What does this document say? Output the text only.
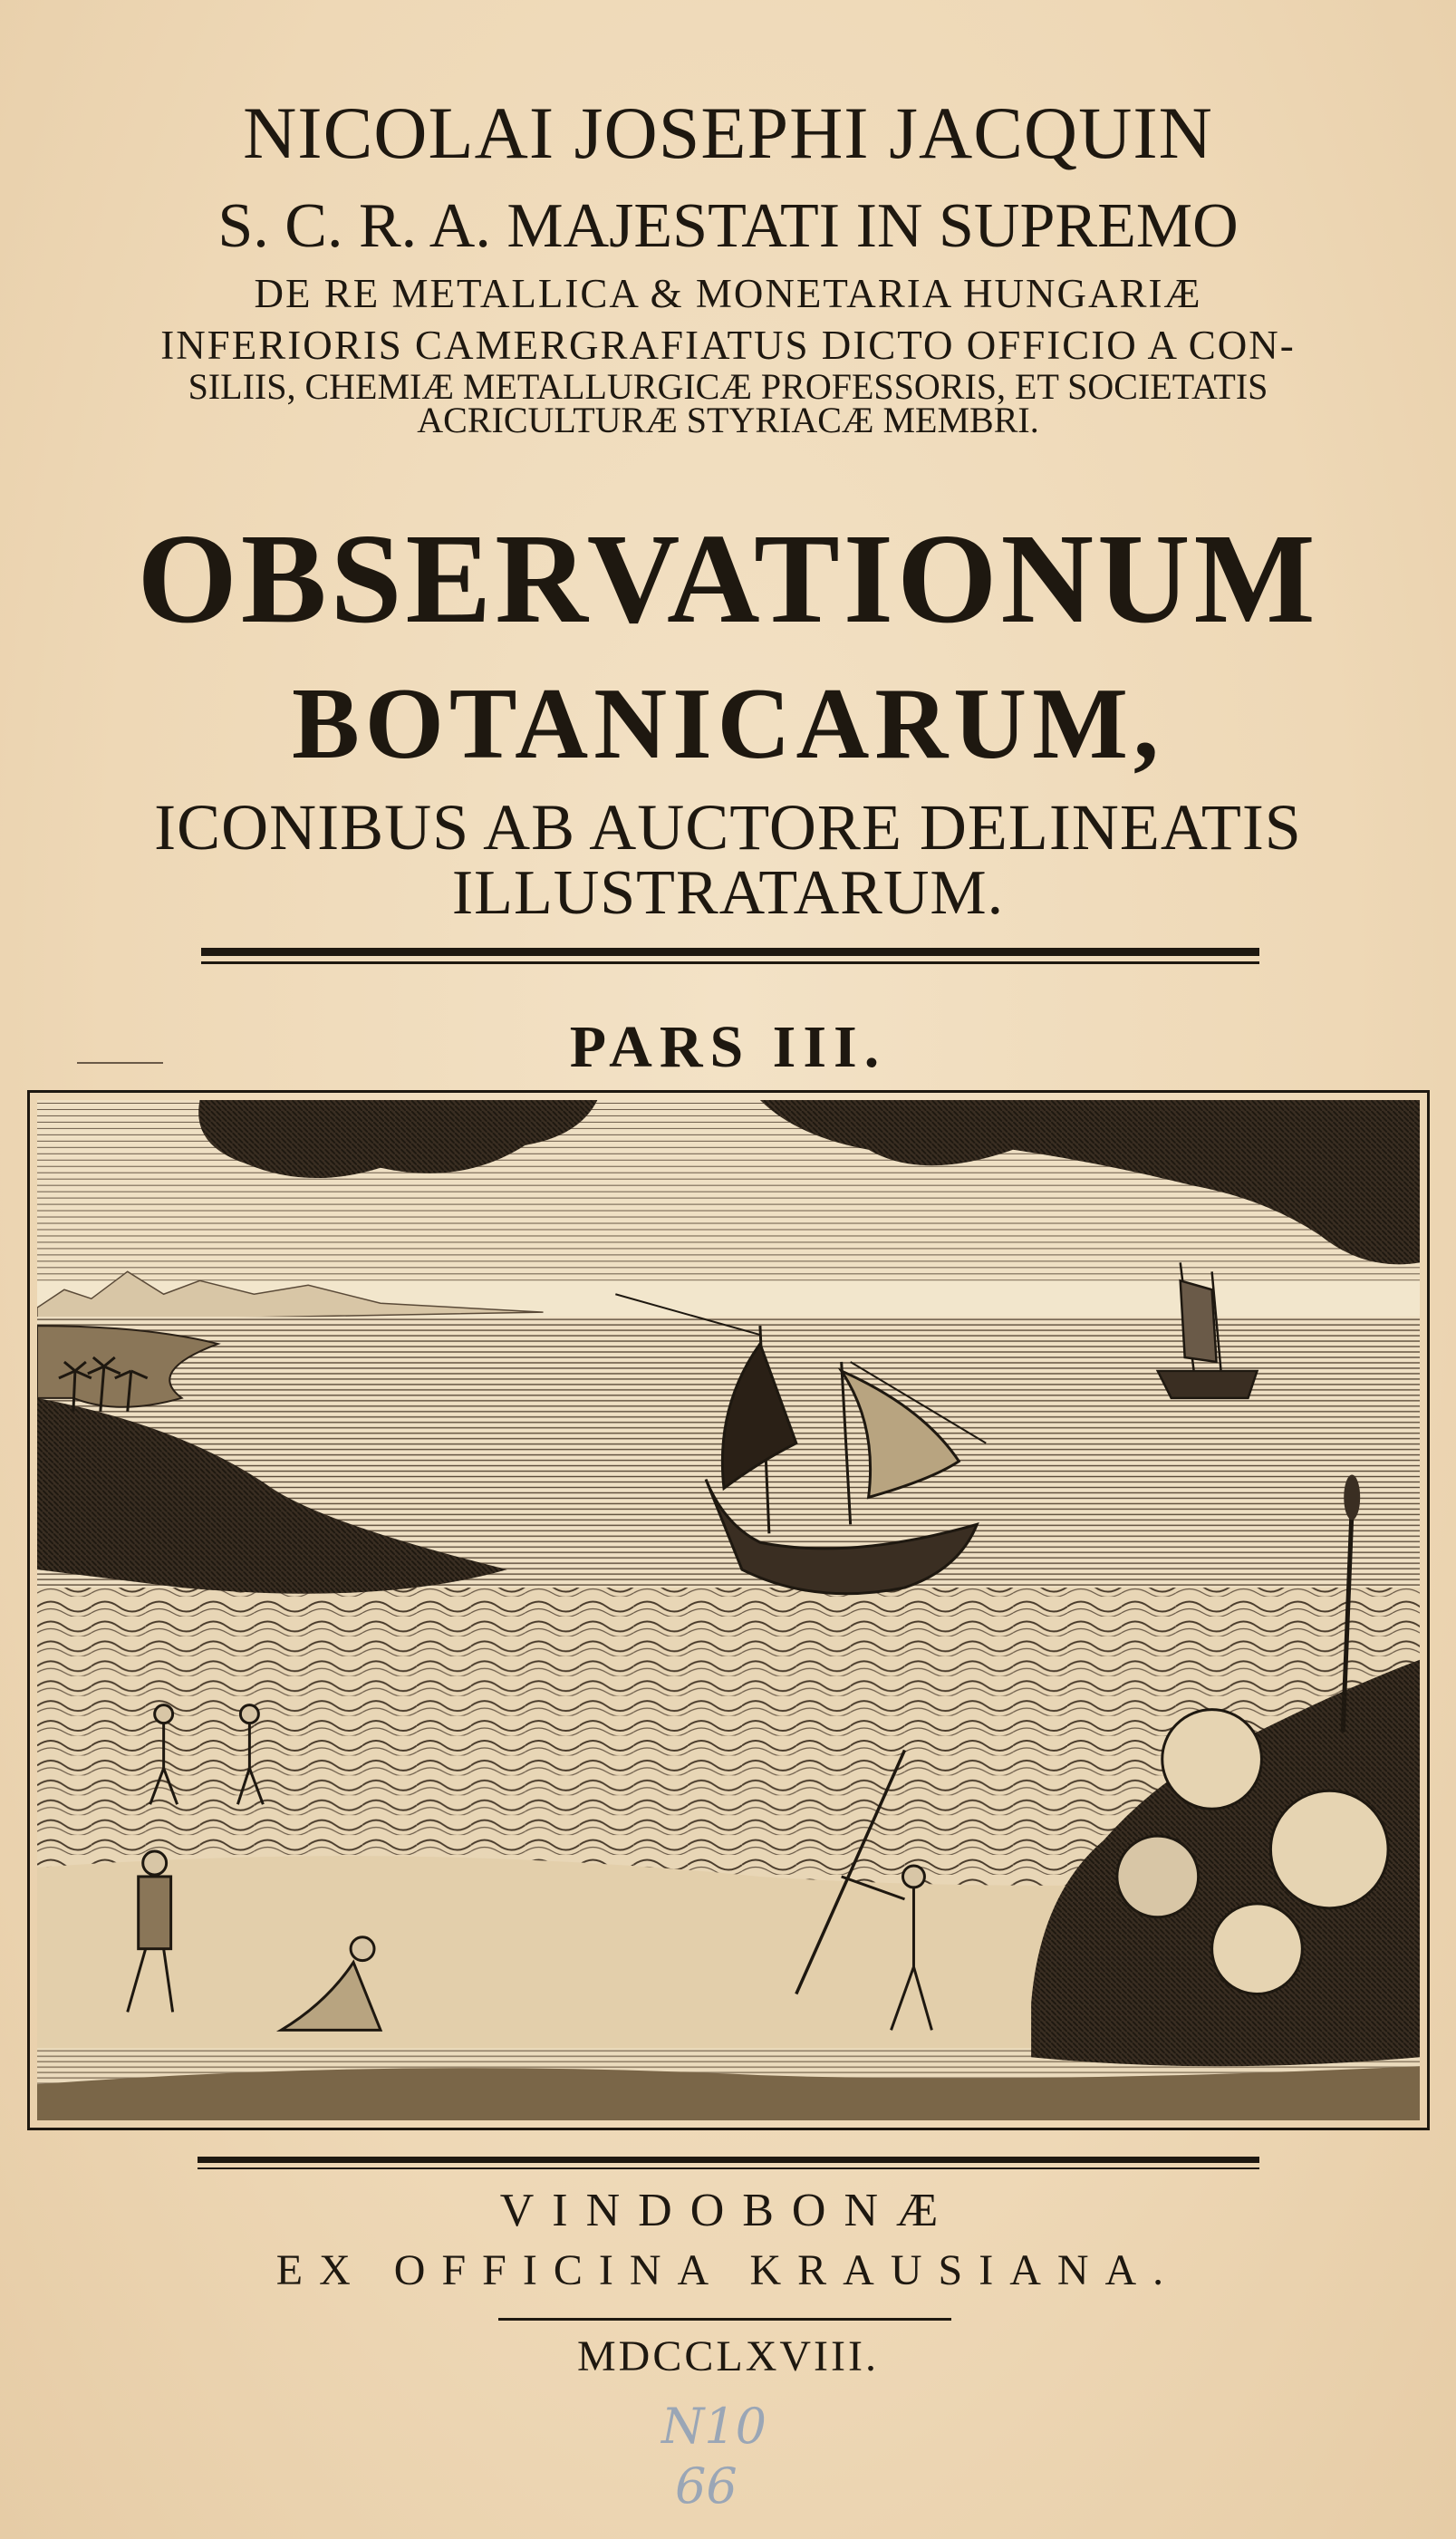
NICOLAI JOSEPHI JACQUIN
S. C. R. A. MAJESTATI IN SUPREMO
DE RE METALLICA & MONETARIA HUNGARIÆ
INFERIORIS CAMERGRAFIATUS DICTO OFFICIO A CON-
SILIIS, CHEMIÆ METALLURGICÆ PROFESSORIS, ET SOCIETATIS
ACRICULTURÆ STYRIACÆ MEMBRI.
OBSERVATIONUM
BOTANICARUM,
ICONIBUS AB AUCTORE DELINEATIS
ILLUSTRATARUM.
PARS III.
VINDOBONÆ
EX OFFICINA KRAUSIANA.
MDCCLXVIII.
N10
66
